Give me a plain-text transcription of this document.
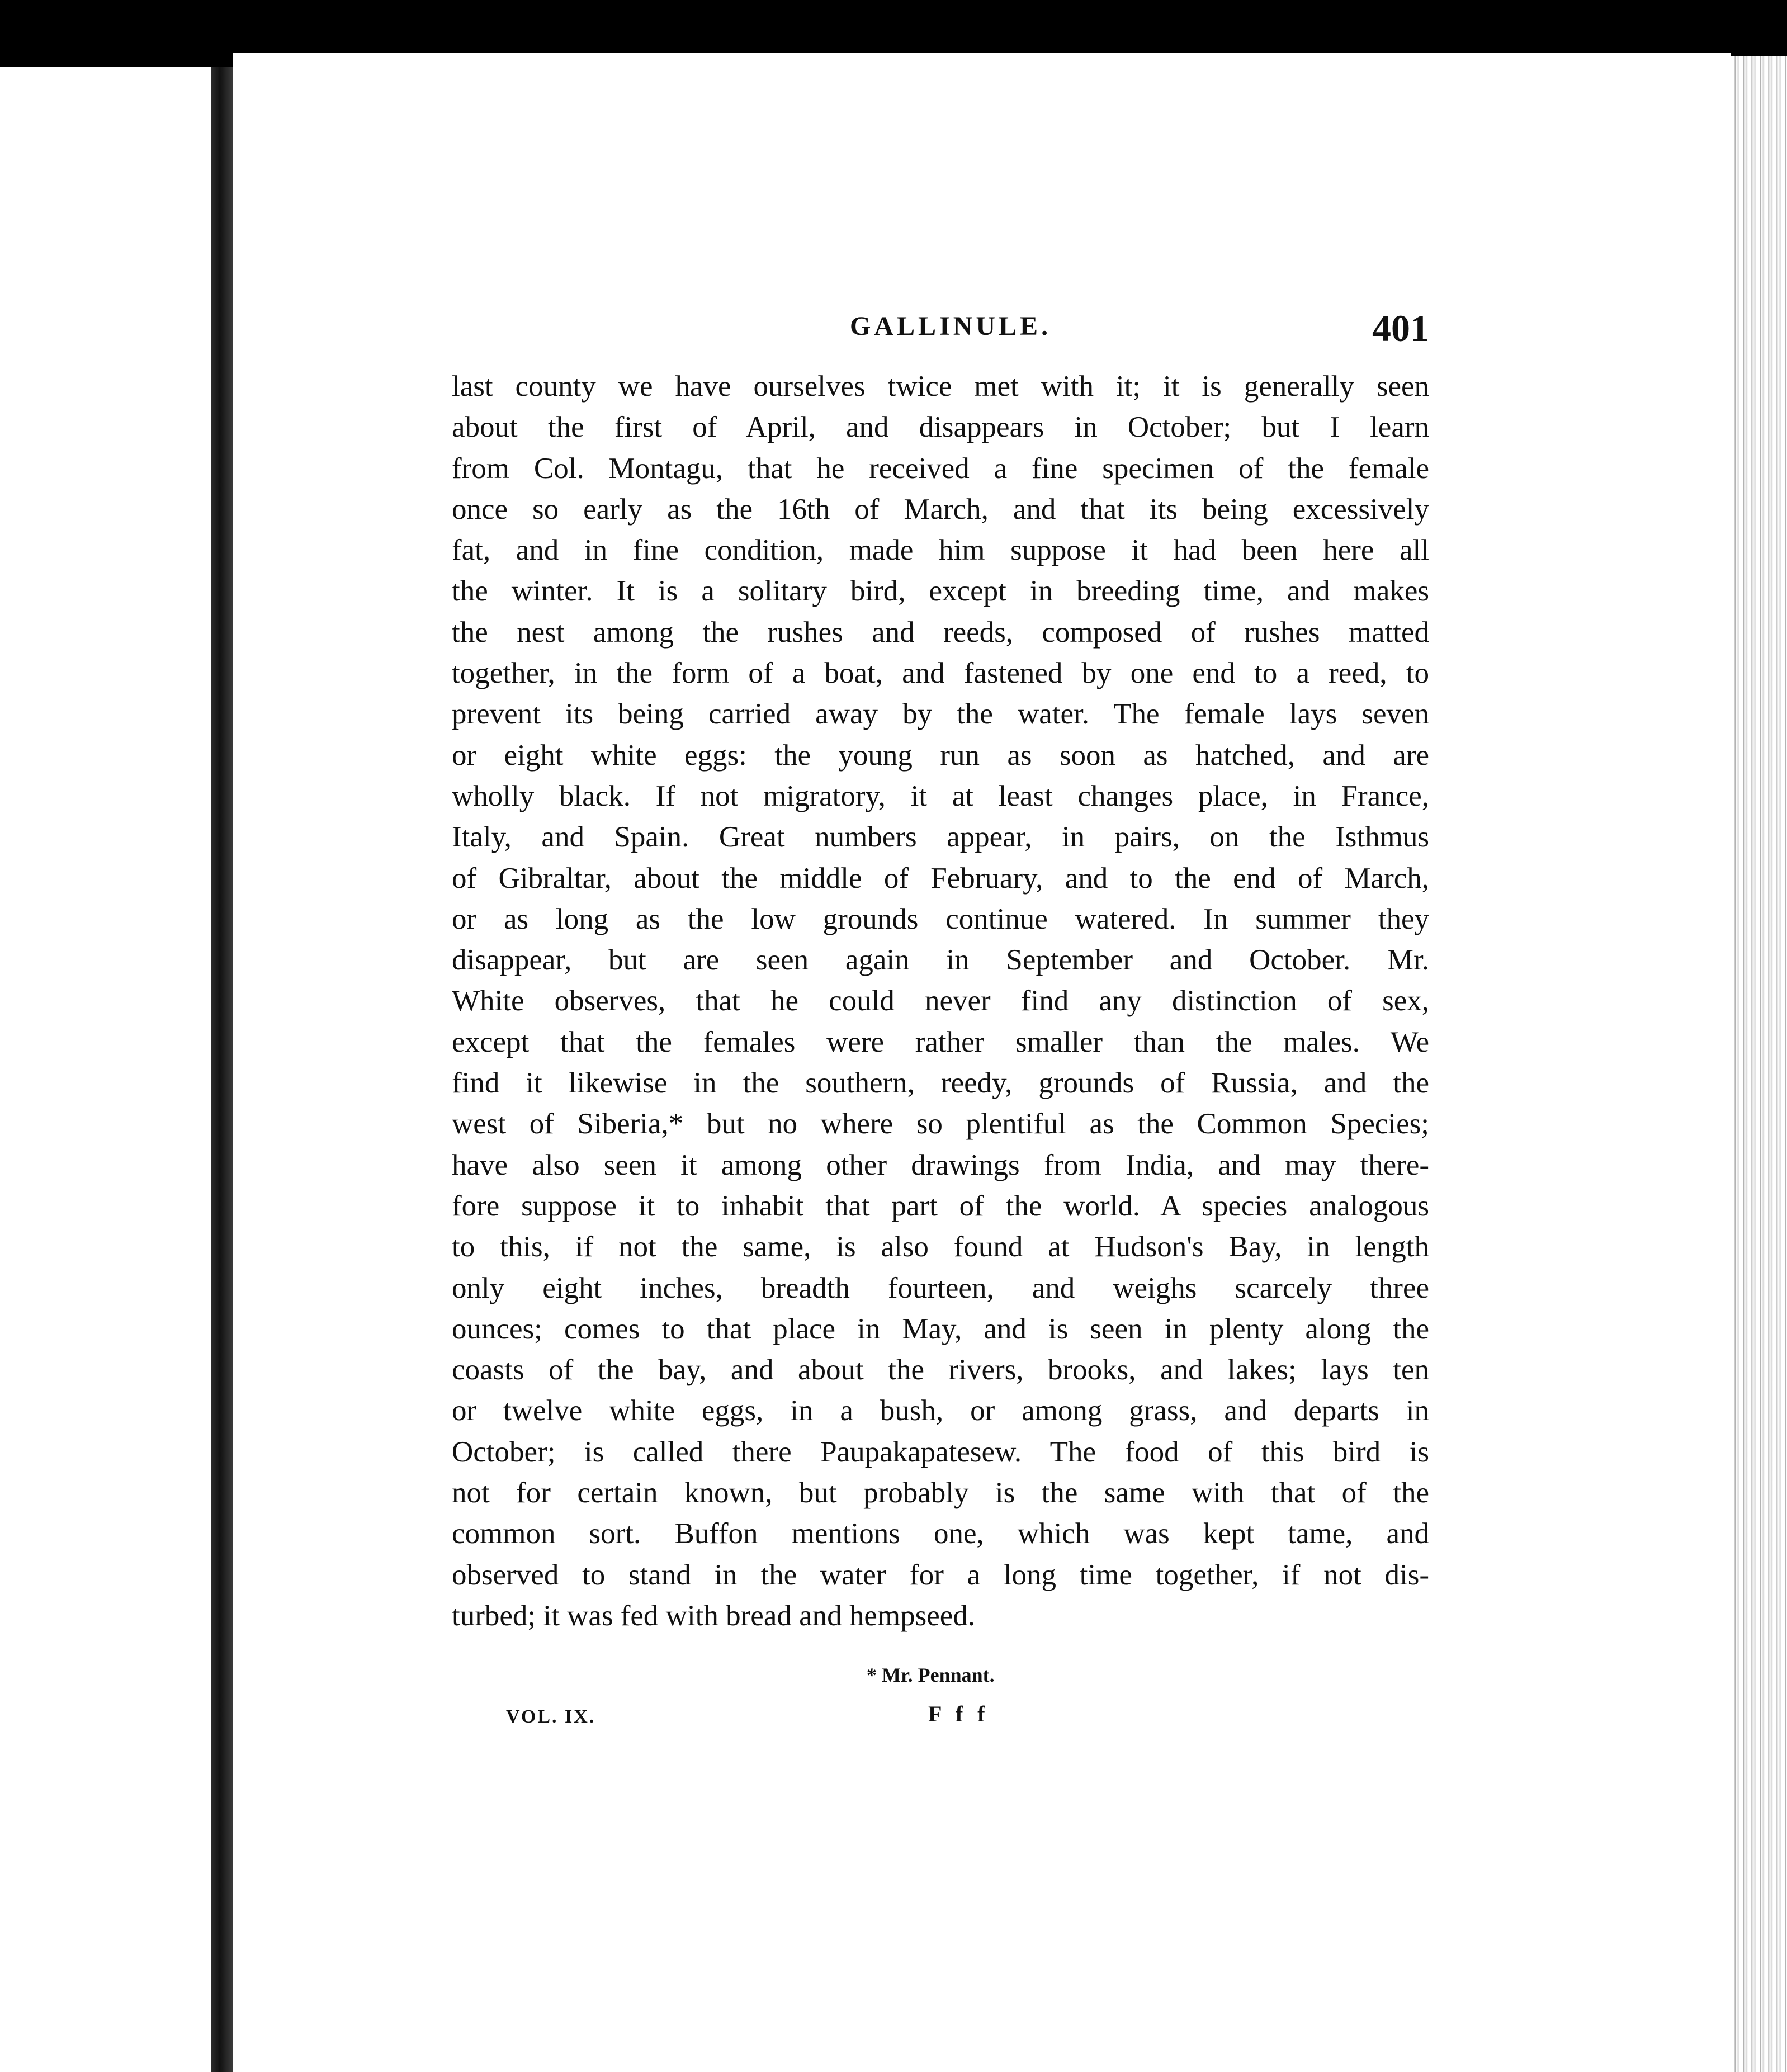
GALLINULE.	401
last county we have ourselves twice met with it; it is generally seen
about the first of April, and disappears in October; but I learn
from Col. Montagu, that he received a fine specimen of the female
once so early as the 16th of March, and that its being excessively
fat, and in fine condition, made him suppose it had been here all
the winter. It is a solitary bird, except in breeding time, and makes
the nest among the rushes and reeds, composed of rushes matted
together, in the form of a boat, and fastened by one end to a reed, to
prevent its being carried away by the water. The female lays seven
or eight white eggs: the young run as soon as hatched, and are
wholly black. If not migratory, it at least changes place, in France,
Italy, and Spain. Great numbers appear, in pairs, on the Isthmus
of Gibraltar, about the middle of February, and to the end of March,
or as long as the low grounds continue watered. In summer they
disappear, but are seen again in September and October. Mr.
White observes, that he could never find any distinction of sex,
except that the females were rather smaller than the males. We
find it likewise in the southern, reedy, grounds of Russia, and the
west of Siberia,* but no where so plentiful as the Common Species;
have also seen it among other drawings from India, and may there-
fore suppose it to inhabit that part of the world. A species analogous
to this, if not the same, is also found at Hudson's Bay, in length
only eight inches, breadth fourteen, and weighs scarcely three
ounces; comes to that place in May, and is seen in plenty along the
coasts of the bay, and about the rivers, brooks, and lakes; lays ten
or twelve white eggs, in a bush, or among grass, and departs in
October; is called there Paupakapatesew. The food of this bird is
not for certain known, but probably is the same with that of the
common sort. Buffon mentions one, which was kept tame, and
observed to stand in the water for a long time together, if not dis-
turbed; it was fed with bread and hempseed.
* Mr. Pennant.
VOL. IX.	F f f
